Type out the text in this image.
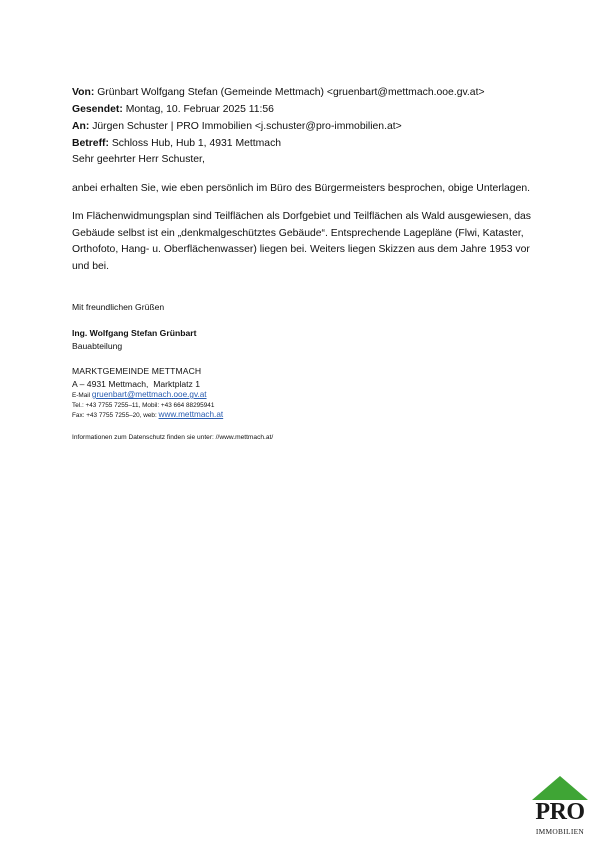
Von: Grünbart Wolfgang Stefan (Gemeinde Mettmach) <gruenbart@mettmach.ooe.gv.at>
Gesendet: Montag, 10. Februar 2025 11:56
An: Jürgen Schuster | PRO Immobilien <j.schuster@pro-immobilien.at>
Betreff: Schloss Hub, Hub 1, 4931 Mettmach
Sehr geehrter Herr Schuster,
anbei erhalten Sie, wie eben persönlich im Büro des Bürgermeisters besprochen, obige Unterlagen.
Im Flächenwidmungsplan sind Teilflächen als Dorfgebiet und Teilflächen als Wald ausgewiesen, das Gebäude selbst ist ein „denkmalgeschütztes Gebäude“. Entsprechende Lagepläne (Flwi, Kataster, Orthofoto, Hang- u. Oberflächenwasser) liegen bei. Weiters liegen Skizzen aus dem Jahre 1953 vor und bei.
Mit freundlichen Grüßen
Ing. Wolfgang Stefan Grünbart
Bauabteilung
MARKTGEMEINDE METTMACH
A – 4931 Mettmach,  Marktplatz 1
E-Mail gruenbart@mettmach.ooe.gv.at
Tel.: +43 7755 7255–11, Mobil: +43 664 88295941
Fax: +43 7755 7255–20, web: www.mettmach.at
Informationen zum Datenschutz finden sie unter: //www.mettmach.at/
PRO
IMMOBILIEN
